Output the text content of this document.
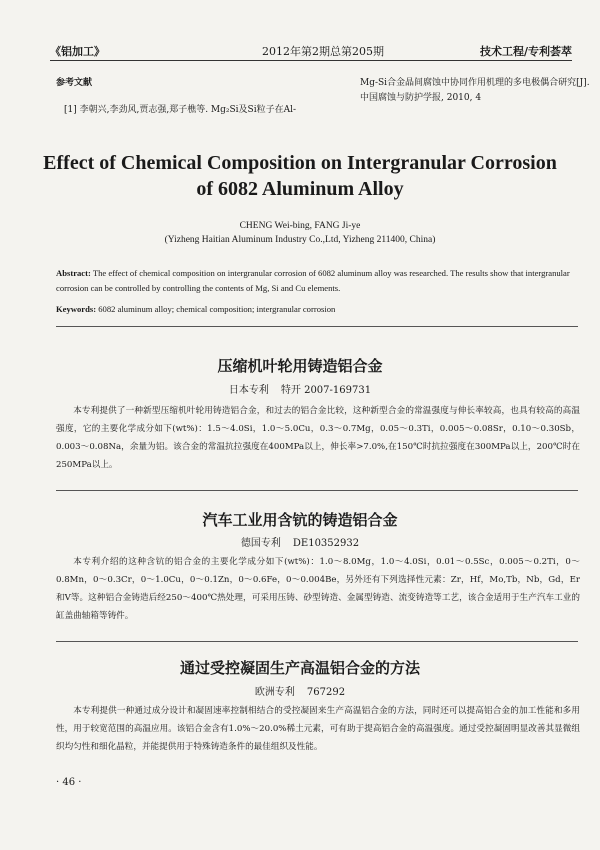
《铝加工》	2012年第2期总第205期	技术工程/专利荟萃
参考文献
[1] 李朝兴,李劲风,贾志强,郑子樵等. Mg₂Si及Si粒子在Al-
Mg-Si合金晶间腐蚀中协同作用机理的多电极偶合研究[J]. 中国腐蚀与防护学报, 2010, 4
Effect of Chemical Composition on Intergranular Corrosion of 6082 Aluminum Alloy
CHENG Wei-bing, FANG Ji-ye
(Yizheng Haitian Aluminum Industry Co.,Ltd, Yizheng 211400, China)
Abstract: The effect of chemical composition on intergranular corrosion of 6082 aluminum alloy was researched. The results show that intergranular corrosion can be controlled by controlling the contents of Mg, Si and Cu elements.
Keywords: 6082 aluminum alloy; chemical composition; intergranular corrosion
压缩机叶轮用铸造铝合金
日本专利 特开 2007-169731
本专利提供了一种新型压缩机叶轮用铸造铝合金，和过去的铝合金比较，这种新型合金的常温强度与伸长率较高，也具有较高的高温强度，它的主要化学成分如下(wt%)：1.5～4.0Si，1.0～5.0Cu，0.3～0.7Mg，0.05～0.3Ti，0.005～0.08Sr，0.10～0.30Sb，0.003～0.08Na，余量为铝。该合金的常温抗拉强度在400MPa以上，伸长率>7.0%,在150℃时抗拉强度在300MPa以上，200℃时在250MPa以上。
汽车工业用含钪的铸造铝合金
德国专利 DE10352932
本专利介绍的这种含钪的铝合金的主要化学成分如下(wt%)：1.0～8.0Mg，1.0～4.0Si，0.01～0.5Sc，0.005～0.2Ti，0～0.8Mn，0～0.3Cr，0～1.0Cu，0～0.1Zn，0～0.6Fe，0～0.004Be，另外还有下列选择性元素：Zr，Hf，Mo,Tb，Nb，Gd，Er和V等。这种铝合金铸造后经250～400℃热处理，可采用压铸、砂型铸造、金属型铸造、流变铸造等工艺，该合金适用于生产汽车工业的缸盖曲轴箱等铸件。
通过受控凝固生产高温铝合金的方法
欧洲专利 767292
本专利提供一种通过成分设计和凝固速率控制相结合的受控凝固来生产高温铝合金的方法，同时还可以提高铝合金的加工性能和多用性，用于较宽范围的高温应用。该铝合金含有1.0%～20.0%稀土元素，可有助于提高铝合金的高温强度。通过受控凝固明显改善其显微组织均匀性和细化晶粒，并能提供用于特殊铸造条件的最佳组织及性能。
· 46 ·
